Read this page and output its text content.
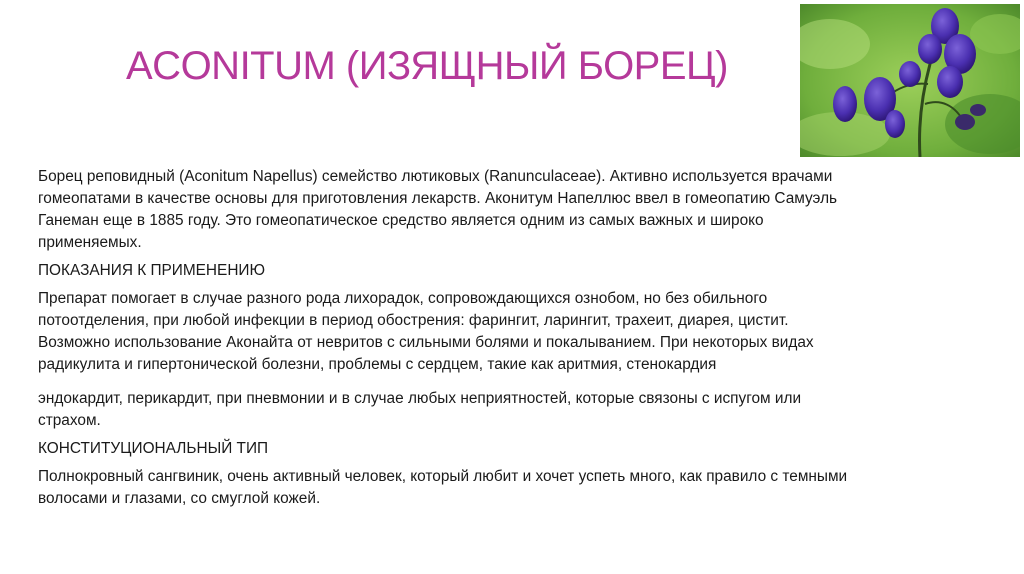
ACONITUM (ИЗЯЩНЫЙ БОРЕЦ)

Борец реповидный (Aconitum Napellus) семейство лютиковых (Ranunculaceae). Активно используется врачами
гомеопатами в качестве основы для приготовления лекарств. Аконитум Напеллюс ввел в гомеопатию Самуэль
Ганеман еще в 1885 году. Это гомеопатическое средство является одним из самых важных и широко
применяемых.

ПОКАЗАНИЯ К ПРИМЕНЕНИЮ

Препарат помогает в случае разного рода лихорадок, сопровождающихся ознобом, но без обильного
потоотделения, при любой инфекции в период обострения: фарингит, ларингит, трахеит, диарея, цистит.
Возможно использование Аконайта от невритов с сильными болями и покалыванием. При некоторых видах
радикулита и гипертонической болезни, проблемы с сердцем, такие как аритмия, стенокардия

эндокардит, перикардит, при пневмонии и в случае любых неприятностей, которые связоны с испугом или
страхом.

КОНСТИТУЦИОНАЛЬНЫЙ ТИП

Полнокровный сангвиник, очень активный человек, который любит и хочет успеть много, как правило с темными
волосами и глазами, со смуглой кожей.
